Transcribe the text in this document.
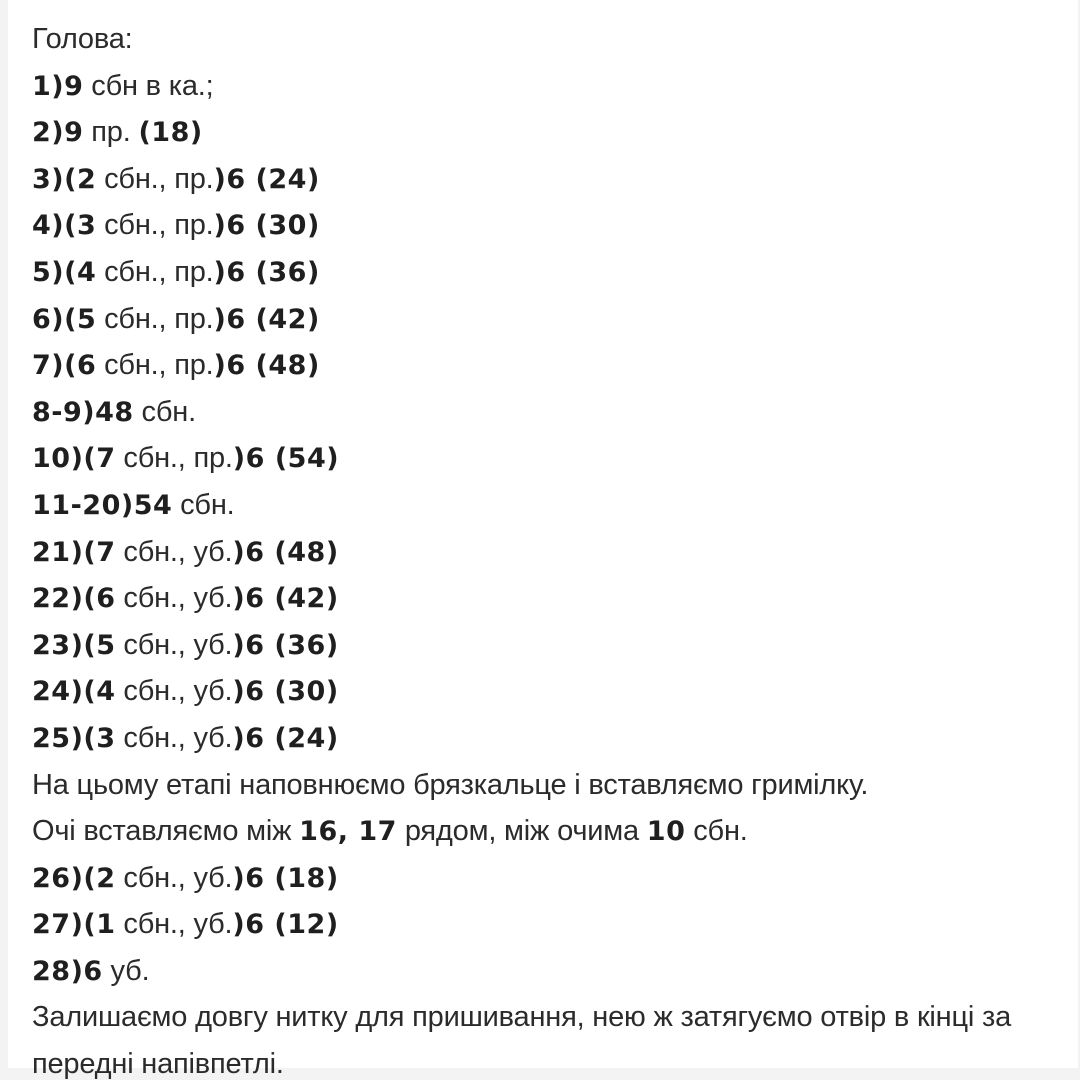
Голова:
1)9 сбн в ка.;
2)9 пр. (18)
3)(2 сбн., пр.)6 (24)
4)(3 сбн., пр.)6 (30)
5)(4 сбн., пр.)6 (36)
6)(5 сбн., пр.)6 (42)
7)(6 сбн., пр.)6 (48)
8-9)48 сбн.
10)(7 сбн., пр.)6 (54)
11-20)54 сбн.
21)(7 сбн., уб.)6 (48)
22)(6 сбн., уб.)6 (42)
23)(5 сбн., уб.)6 (36)
24)(4 сбн., уб.)6 (30)
25)(3 сбн., уб.)6 (24)
На цьому етапі наповнюємо брязкальце і вставляємо гримілку.
Очі вставляємо між 16, 17 рядом, між очима 10 сбн.
26)(2 сбн., уб.)6 (18)
27)(1 сбн., уб.)6 (12)
28)6 уб.
Залишаємо довгу нитку для пришивання, нею ж затягуємо отвір в кінці за передні напівпетлі.
